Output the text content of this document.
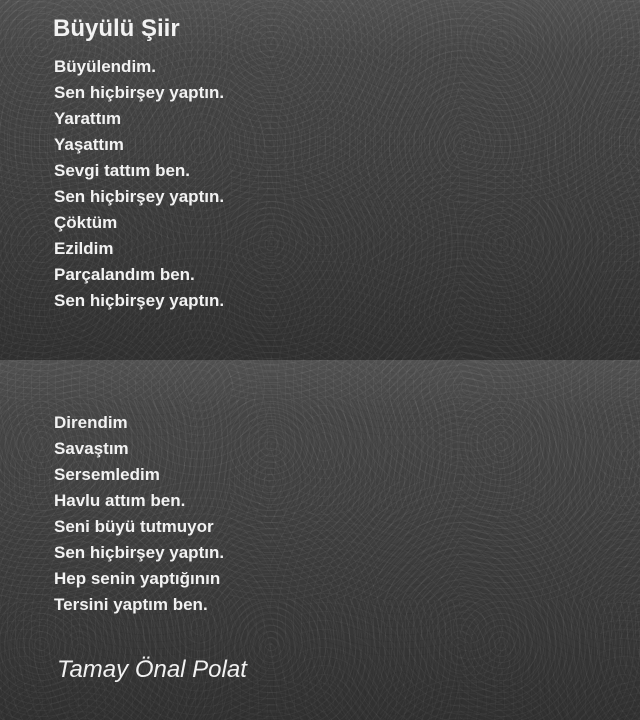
Büyülü Şiir
Büyülendim.
Sen hiçbirşey yaptın.
Yarattım
Yaşattım
Sevgi tattım ben.
Sen hiçbirşey yaptın.
Çöktüm
Ezildim
Parçalandım ben.
Sen hiçbirşey yaptın.
Direndim
Savaştım
Sersemledim
Havlu attım ben.
Seni büyü tutmuyor
Sen hiçbirşey yaptın.
Hep senin yaptığının
Tersini yaptım ben.
Tamay Önal Polat
